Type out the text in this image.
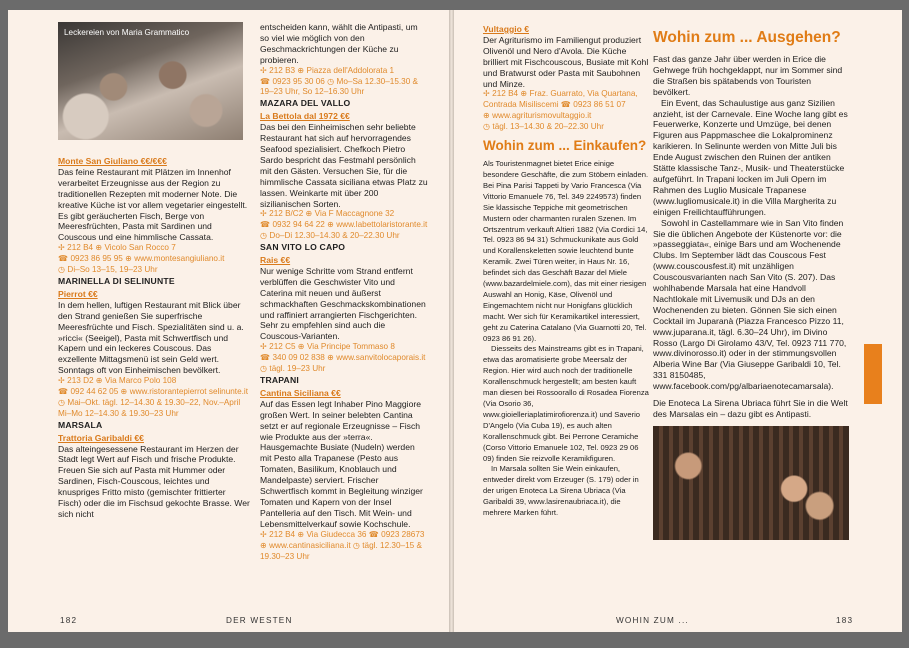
Leckereien von Maria Grammatico

Monte San Giuliano €€/€€€

Das feine Restaurant mit Plätzen im Innenhof verarbeitet Erzeugnisse aus der Region zu traditionellen Rezepten mit moderner Note. Die kreative Küche ist vor allem vegetarier eingestellt. Es gibt geräucherten Fisch, Berge von Meeresfrüchten, Pasta mit Sardinen und Couscous und eine himmlische Cassata.

✢ 212 B4 ⊕ Vicolo San Rocco 7

☎ 0923 86 95 95 ⊕ www.montesangiuliano.it

◷ Di–So 13–15, 19–23 Uhr

MARINELLA DI SELINUNTE

Pierrot €€

In dem hellen, luftigen Restaurant mit Blick über den Strand genießen Sie superfrische Meeresfrüchte und Fisch. Spezialitäten sind u. a. »ricci« (Seeigel), Pasta mit Schwertfisch und Kapern und ein leckeres Couscous. Das exzellente Mittagsmenü ist sein Geld wert. Sonntags oft von Einheimischen bevölkert.

✢ 213 D2 ⊕ Via Marco Polo 108

☎ 092 44 62 05 ⊕ www.ristorantepierrot selinunte.it ◷ Mai–Okt. tägl. 12–14.30 & 19.30–22, Nov.–April Mi–Mo 12–14.30 & 19.30–23 Uhr

MARSALA

Trattoria Garibaldi €€

Das alteingesessene Restaurant im Herzen der Stadt legt Wert auf Fisch und frische Produkte. Freuen Sie sich auf Pasta mit Hummer oder Sardinen, Fisch-Couscous, leichtes und knuspriges Fritto misto (gemischter frittierter Fisch) oder die im Fischsud gekochte Brasse. Wer sich nicht

entscheiden kann, wählt die Antipasti, um so viel wie möglich von den Geschmackrichtungen der Küche zu probieren.

✢ 212 B3 ⊕ Piazza dell'Addolorata 1

☎ 0923 95 30 06 ◷ Mo–Sa 12.30–15.30 & 19–23 Uhr, So 12–16.30 Uhr

MAZARA DEL VALLO

La Bettola dal 1972 €€

Das bei den Einheimischen sehr beliebte Restaurant hat sich auf hervorragendes Seafood spezialisiert. Chefkoch Pietro Sardo bespricht das Festmahl persönlich mit den Gästen. Versuchen Sie, für die himmlische Cassata siciliana etwas Platz zu lassen. Weinkarte mit über 200 sizilianischen Sorten.

✢ 212 B/C2 ⊕ Via F Maccagnone 32

☎ 0932 94 64 22 ⊕ www.labettolaristorante.it

◷ Do–Di 12.30–14.30 & 20–22.30 Uhr

SAN VITO LO CAPO

Rais €€

Nur wenige Schritte vom Strand entfernt verblüffen die Geschwister Vito und Caterina mit neuen und äußerst schmackhaften Geschmackskombinationen und raffiniert arrangierten Fischgerichten. Sehr zu empfehlen sind auch die Couscous-Varianten.

✢ 212 C5 ⊕ Via Principe Tommaso 8

☎ 340 09 02 838 ⊕ www.sanvitolocaporais.it

◷ tägl. 19–23 Uhr

TRAPANI

Cantina Siciliana €€

Auf das Essen legt Inhaber Pino Maggiore großen Wert. In seiner belebten Cantina setzt er auf regionale Erzeugnisse – Fisch wie Produkte aus der »terra«. Hausgemachte Busiate (Nudeln) werden mit Pesto alla Trapanese (Pesto aus Tomaten, Basilikum, Knoblauch und Mandelpaste) serviert. Frischer Schwertfisch kommt in Begleitung winziger Tomaten und Kapern von der Insel Pantelleria auf den Tisch. Mit Wein- und Lebensmittelverkauf sowie Kochschule.

✢ 212 B4 ⊕ Via Giudecca 36 ☎ 0923 28673

⊕ www.cantinasiciliana.it ◷ tägl. 12.30–15 & 19.30–23 Uhr

182	DER WESTEN

Vultaggio €

Der Agriturismo im Familiengut produziert Olivenöl und Nero d'Avola. Die Küche brilliert mit Fischcouscous, Busiate mit Kohl und Bratwurst oder Pasta mit Saubohnen und Minze.

✢ 212 B4 ⊕ Fraz. Guarrato, Via Quartana, Contrada Misiliscemi ☎ 0923 86 51 07

⊕ www.agriturismovultaggio.it

◷ tägl. 13–14.30 & 20–22.30 Uhr

Wohin zum ... Einkaufen?

Als Touristenmagnet bietet Erice einige besondere Geschäfte, die zum Stöbern einladen. Bei Pina Parisi Tappeti by Vario Francesca (Via Vittorio Emanuele 76, Tel. 349 2249573) finden Sie klassische Teppiche mit geometrischen Mustern oder charmanten ruralen Szenen. Im Ortszentrum verkauft Altieri 1882 (Via Cordici 14, Tel. 0923 86 94 31) Schmuckunikate aus Gold und Korallenskeletten sowie leuchtend bunte Keramik. Zwei Türen weiter, in Haus Nr. 16, befindet sich das Geschäft Bazar del Miele (www.bazardelmiele.com), das mit einer riesigen Auswahl an Honig, Käse, Olivenöl und Eingemachtem nicht nur Honigfans glücklich macht. Wer sich für Keramikartikel interessiert, geht zu Caterina Catalano (Via Guarnotti 20, Tel. 0923 86 91 26).

Diesseits des Mainstreams gibt es in Trapani, etwa das aromatisierte grobe Meersalz der Region. Hier wird auch noch der traditionelle Korallenschmuck hergestellt; am besten kauft man diesen bei Rossoorallo di Rosadea Fiorenza (Via Osorio 36, www.gioielleriaplatimirofiorenza.it) und Saverio D'Angelo (Via Cuba 19), es auch alten Korallenschmuck gibt. Bei Perrone Ceramiche (Corso Vittorio Emanuele 102, Tel. 0923 29 06 09) finden Sie reizvolle Keramikfiguren.

In Marsala sollten Sie Wein einkaufen, entweder direkt vom Erzeuger (S. 179) oder in der urigen Enoteca La Sirena Ubriaca (Via Garibaldi 39, www.lasirenaubriaca.it), die mehrere Marken führt.

Wohin zum ... Ausgehen?

Fast das ganze Jahr über werden in Erice die Gehwege früh hochgeklappt, nur im Sommer sind die Straßen bis spätabends von Touristen bevölkert.

Ein Event, das Schaulustige aus ganz Sizilien anzieht, ist der Carnevale. Eine Woche lang gibt es Feuerwerke, Konzerte und Umzüge, bei denen Figuren aus Pappmaschee die Lokalprominenz karikieren. In Selinunte werden von Mitte Juli bis Ende August zwischen den Ruinen der antiken Stätte klassische Tanz-, Musik- und Theaterstücke aufgeführt. In Trapani locken im Juli Opern im Rahmen des Luglio Musicale Trapanese (www.lugliomusicale.it) in die Villa Margherita zu einigen Freilichtaufführungen.

Sowohl in Castellammare wie in San Vito finden Sie die üblichen Angebote der Küstenorte vor: die »passeggiata«, einige Bars und am Wochenende Clubs. Im September lädt das Couscous Fest (www.couscousfest.it) mit unzähligen Couscousvarianten nach San Vito (S. 207). Das wohlhabende Marsala hat eine Handvoll Nachtlokale mit Livemusik und DJs an den Wochenenden zu bieten. Gönnen Sie sich einen Cocktail im Juparanà (Piazza Francesco Pizzo 11, www.juparana.it, tägl. 6.30–24 Uhr), im Divino Rosso (Largo Di Girolamo 43/V, Tel. 0923 711 770, www.divinorosso.it) oder in der stimmungsvollen Alberia Wine Bar (Via Giuseppe Garibaldi 10, Tel. 331 8150485, www.facebook.com/pg/albariaenotecamarsala).

Die Enoteca La Sirena Ubriaca führt Sie in die Welt des Marsalas ein – dazu gibt es Antipasti.

WOHIN ZUM ...	183
